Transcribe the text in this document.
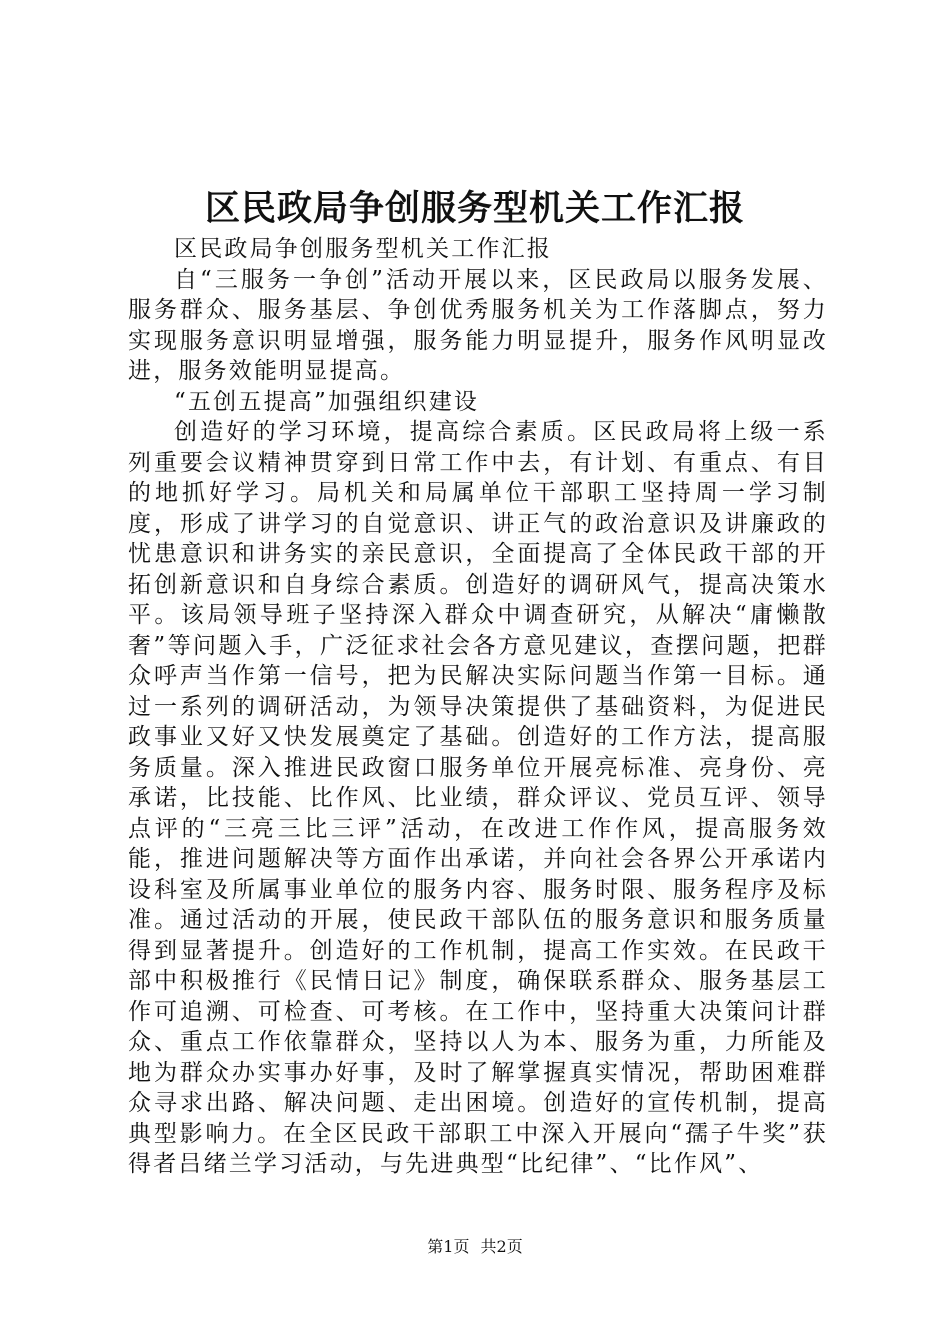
区民政局争创服务型机关工作汇报

区民政局争创服务型机关工作汇报

自“三服务一争创”活动开展以来，区民政局以服务发展、服务群众、服务基层、争创优秀服务机关为工作落脚点，努力实现服务意识明显增强，服务能力明显提升，服务作风明显改进，服务效能明显提高。

“五创五提高”加强组织建设

创造好的学习环境，提高综合素质。区民政局将上级一系列重要会议精神贯穿到日常工作中去，有计划、有重点、有目的地抓好学习。局机关和局属单位干部职工坚持周一学习制度，形成了讲学习的自觉意识、讲正气的政治意识及讲廉政的忧患意识和讲务实的亲民意识，全面提高了全体民政干部的开拓创新意识和自身综合素质。创造好的调研风气，提高决策水平。该局领导班子坚持深入群众中调查研究，从解决“庸懒散奢”等问题入手，广泛征求社会各方意见建议，查摆问题，把群众呼声当作第一信号，把为民解决实际问题当作第一目标。通过一系列的调研活动，为领导决策提供了基础资料，为促进民政事业又好又快发展奠定了基础。创造好的工作方法，提高服务质量。深入推进民政窗口服务单位开展亮标准、亮身份、亮承诺，比技能、比作风、比业绩，群众评议、党员互评、领导点评的“三亮三比三评”活动，在改进工作作风，提高服务效能，推进问题解决等方面作出承诺，并向社会各界公开承诺内设科室及所属事业单位的服务内容、服务时限、服务程序及标准。通过活动的开展，使民政干部队伍的服务意识和服务质量得到显著提升。创造好的工作机制，提高工作实效。在民政干部中积极推行《民情日记》制度，确保联系群众、服务基层工作可追溯、可检查、可考核。在工作中，坚持重大决策问计群众、重点工作依靠群众，坚持以人为本、服务为重，力所能及地为群众办实事办好事，及时了解掌握真实情况，帮助困难群众寻求出路、解决问题、走出困境。创造好的宣传机制，提高典型影响力。在全区民政干部职工中深入开展向“孺子牛奖”获得者吕绪兰学习活动，与先进典型“比纪律”、“比作风”、

第1页 共2页
